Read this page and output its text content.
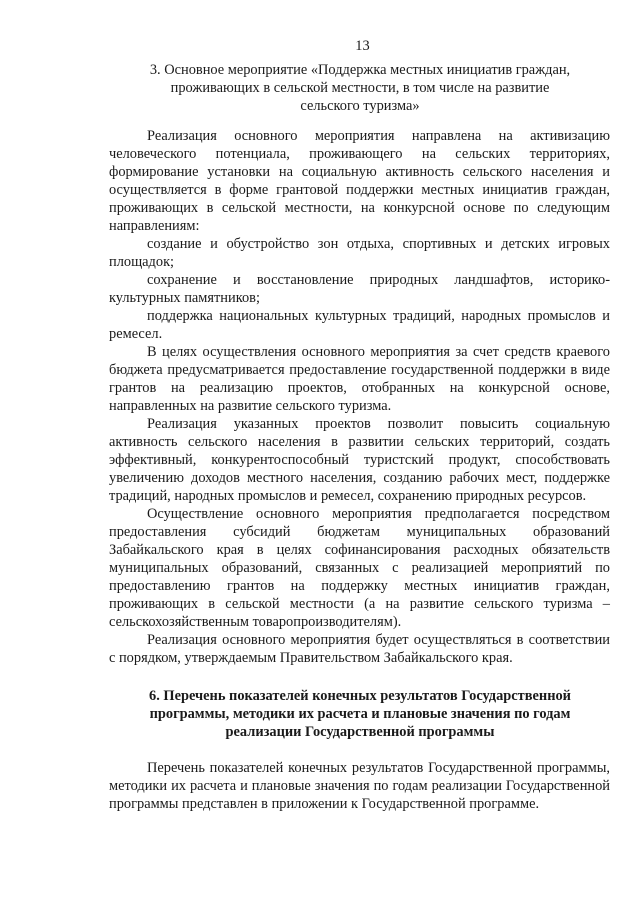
13
3. Основное мероприятие «Поддержка местных инициатив граждан, проживающих в сельской местности, в том числе на развитие сельского туризма»

Реализация основного мероприятия направлена на активизацию человеческого потенциала, проживающего на сельских территориях, формирование установки на социальную активность сельского населения и осуществляется в форме грантовой поддержки местных инициатив граждан, проживающих в сельской местности, на конкурсной основе по следующим направлениям:

создание и обустройство зон отдыха, спортивных и детских игровых площадок;

сохранение и восстановление природных ландшафтов, историко-культурных памятников;

поддержка национальных культурных традиций, народных промыслов и ремесел.

В целях осуществления основного мероприятия за счет средств краевого бюджета предусматривается предоставление государственной поддержки в виде грантов на реализацию проектов, отобранных на конкурсной основе, направленных на развитие сельского туризма.

Реализация указанных проектов позволит повысить социальную активность сельского населения в развитии сельских территорий, создать эффективный, конкурентоспособный туристский продукт, способствовать увеличению доходов местного населения, созданию рабочих мест, поддержке традиций, народных промыслов и ремесел, сохранению природных ресурсов.

Осуществление основного мероприятия предполагается посредством предоставления субсидий бюджетам муниципальных образований Забайкальского края в целях софинансирования расходных обязательств муниципальных образований, связанных с реализацией мероприятий по предоставлению грантов на поддержку местных инициатив граждан, проживающих в сельской местности (а на развитие сельского туризма – сельскохозяйственным товаропроизводителям).

Реализация основного мероприятия будет осуществляться в соответствии с порядком, утверждаемым Правительством Забайкальского края.

6. Перечень показателей конечных результатов Государственной программы, методики их расчета и плановые значения по годам реализации Государственной программы

Перечень показателей конечных результатов Государственной программы, методики их расчета и плановые значения по годам реализации Государственной программы представлен в приложении к Государственной программе.
